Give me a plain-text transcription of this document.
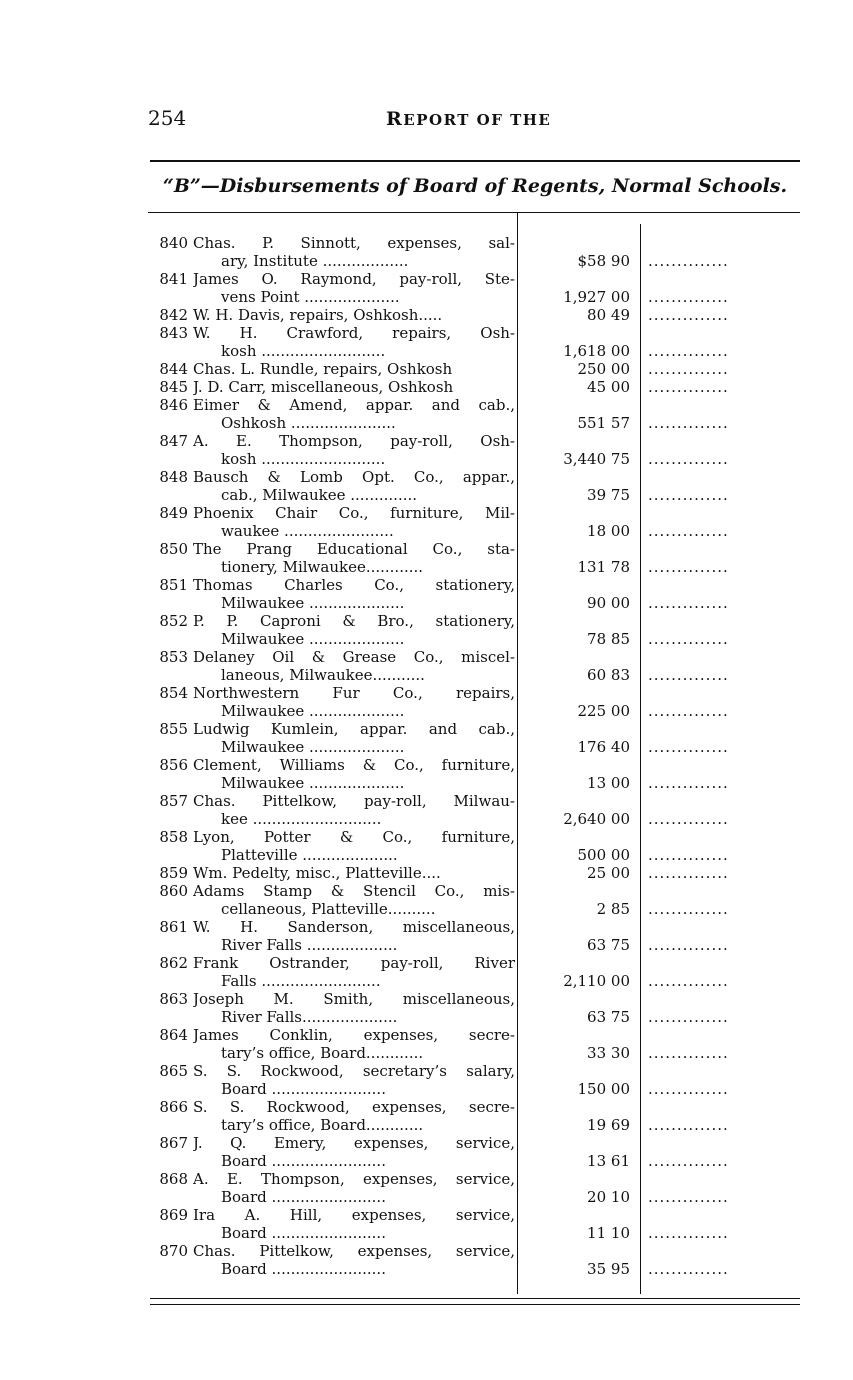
254	REPORT OF THE
“B”—Disbursements of Board of Regents, Normal Schools.
840 Chas. P. Sinnott, expenses, sal-
ary, Institute ..................	$58 90 ..............
841 James O. Raymond, pay-roll, Ste-
vens Point ....................	1,927 00 ..............
842 W. H. Davis, repairs, Oshkosh.....	80 49 ..............
843 W. H. Crawford, repairs, Osh-
kosh ..........................	1,618 00 ..............
844 Chas. L. Rundle, repairs, Oshkosh	250 00 ..............
845 J. D. Carr, miscellaneous, Oshkosh	45 00 ..............
846 Eimer & Amend, appar. and cab.,
Oshkosh ......................	551 57 ..............
847 A. E. Thompson, pay-roll, Osh-
kosh ..........................	3,440 75 ..............
848 Bausch & Lomb Opt. Co., appar.,
cab., Milwaukee ..............	39 75 ..............
849 Phoenix Chair Co., furniture, Mil-
waukee .......................	18 00 ..............
850 The Prang Educational Co., sta-
tionery, Milwaukee............	131 78 ..............
851 Thomas Charles Co., stationery,
Milwaukee ....................	90 00 ..............
852 P. P. Caproni & Bro., stationery,
Milwaukee ....................	78 85 ..............
853 Delaney Oil & Grease Co., miscel-
laneous, Milwaukee...........	60 83 ..............
854 Northwestern Fur Co., repairs,
Milwaukee ....................	225 00 ..............
855 Ludwig Kumlein, appar. and cab.,
Milwaukee ....................	176 40 ..............
856 Clement, Williams & Co., furniture,
Milwaukee ....................	13 00 ..............
857 Chas. Pittelkow, pay-roll, Milwau-
kee ...........................	2,640 00 ..............
858 Lyon, Potter & Co., furniture,
Platteville ....................	500 00 ..............
859 Wm. Pedelty, misc., Platteville....	25 00 ..............
860 Adams Stamp & Stencil Co., mis-
cellaneous, Platteville..........	2 85 ..............
861 W. H. Sanderson, miscellaneous,
River Falls ...................	63 75 ..............
862 Frank Ostrander, pay-roll, River
Falls .........................	2,110 00 ..............
863 Joseph M. Smith, miscellaneous,
River Falls....................	63 75 ..............
864 James Conklin, expenses, secre-
tary’s office, Board............	33 30 ..............
865 S. S. Rockwood, secretary’s salary,
Board ........................	150 00 ..............
866 S. S. Rockwood, expenses, secre-
tary’s office, Board............	19 69 ..............
867 J. Q. Emery, expenses, service,
Board ........................	13 61 ..............
868 A. E. Thompson, expenses, service,
Board ........................	20 10 ..............
869 Ira A. Hill, expenses, service,
Board ........................	11 10 ..............
870 Chas. Pittelkow, expenses, service,
Board ........................	35 95 ..............
